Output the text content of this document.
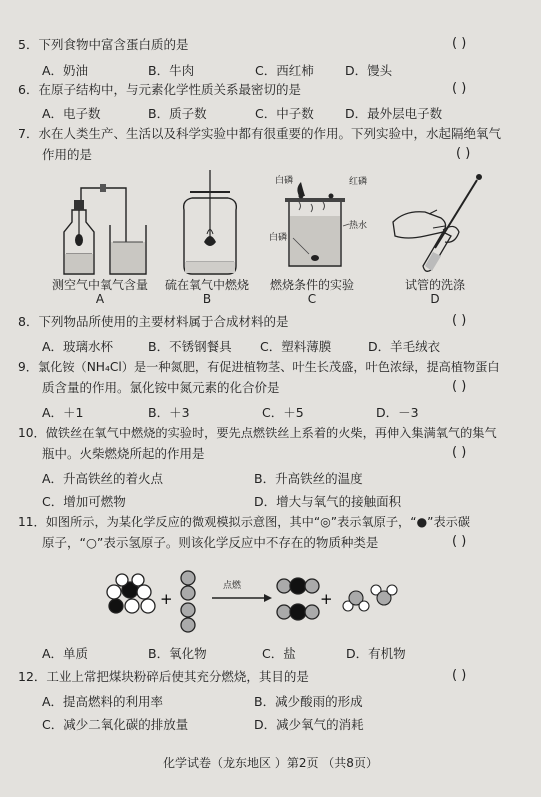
5．下列食物中富含蛋白质的是	( )
A．奶油	B．牛肉	C．西红柿	D．馒头
6．在原子结构中，与元素化学性质关系最密切的是	( )
A．电子数	B．质子数	C．中子数	D．最外层电子数
7．水在人类生产、生活以及科学实验中都有很重要的作用。下列实验中，水起隔绝氧气
作用的是	( )
白磷	红磷
白磷
热水
测空气中氧气含量
A
硫在氧气中燃烧
B
燃烧条件的实验
C
试管的洗涤
D
8．下列物品所使用的主要材料属于合成材料的是	( )
A．玻璃水杯	B．不锈钢餐具 C．塑料薄膜	D．羊毛绒衣
9．氯化铵（NH₄Cl）是一种氮肥，有促进植物茎、叶生长茂盛，叶色浓绿，提高植物蛋白
质含量的作用。氯化铵中氮元素的化合价是	( )
A．＋1	B．＋3	C．＋5	D．－3
10．做铁丝在氧气中燃烧的实验时，要先点燃铁丝上系着的火柴，再伸入集满氧气的集气
瓶中。火柴燃烧所起的作用是	( )
A．升高铁丝的着火点	B．升高铁丝的温度
C．增加可燃物	D．增大与氧气的接触面积
11．如图所示，为某化学反应的微观模拟示意图，其中“◎”表示氧原子，“●”表示碳
原子，“○”表示氢原子。则该化学反应中不存在的物质种类是	( )
+
点燃
+
A．单质	B．氧化物	C．盐	D．有机物
12．工业上常把煤块粉碎后使其充分燃烧，其目的是	( )
A．提高燃料的利用率	B．减少酸雨的形成
C．减少二氧化碳的排放量	D．减少氧气的消耗
化学试卷（龙东地区 ）第2页 （共8页）
